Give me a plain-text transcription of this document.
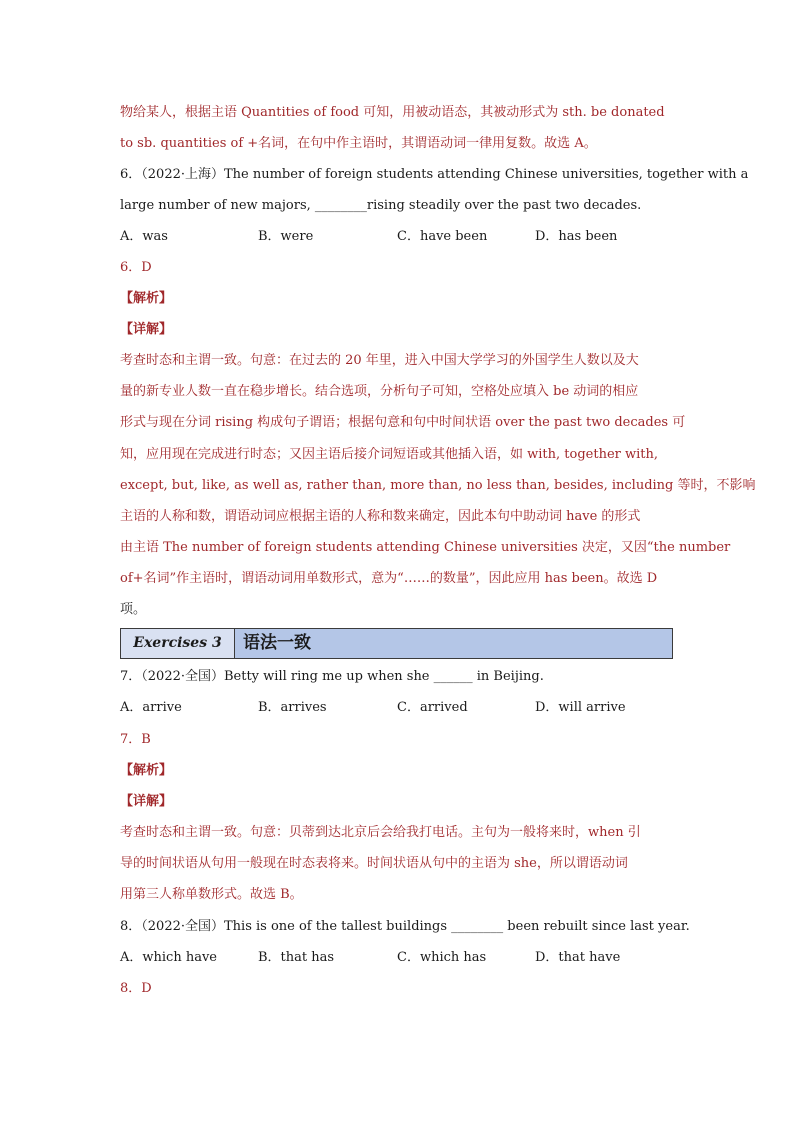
物给某人，根据主语 Quantities of food 可知，用被动语态，其被动形式为 sth. be donated
to sb. quantities of +名词，在句中作主语时，其谓语动词一律用复数。故选 A。
6．（2022·上海）The number of foreign students attending Chinese universities, together with a
large number of new majors, ________rising steadily over the past two decades.
A．was	B．were	C．have been	D．has been
6．D
【解析】
【详解】
考查时态和主谓一致。句意：在过去的 20 年里，进入中国大学学习的外国学生人数以及大
量的新专业人数一直在稳步增长。结合选项，分析句子可知，空格处应填入 be 动词的相应
形式与现在分词 rising 构成句子谓语；根据句意和句中时间状语 over the past two decades 可
知，应用现在完成进行时态；又因主语后接介词短语或其他插入语，如 with, together with,
except, but, like, as well as, rather than, more than, no less than, besides, including 等时，不影响
主语的人称和数，谓语动词应根据主语的人称和数来确定，因此本句中助动词 have 的形式
由主语 The number of foreign students attending Chinese universities 决定，又因“the number
of+名词”作主语时，谓语动词用单数形式，意为“……的数量”，因此应用 has been。故选 D
项。
Exercises 3	语法一致
7．（2022·全国）Betty will ring me up when she ______ in Beijing.
A．arrive	B．arrives	C．arrived	D．will arrive
7．B
【解析】
【详解】
考查时态和主谓一致。句意：贝蒂到达北京后会给我打电话。主句为一般将来时，when 引
导的时间状语从句用一般现在时态表将来。时间状语从句中的主语为 she，所以谓语动词
用第三人称单数形式。故选 B。
8．（2022·全国）This is one of the tallest buildings ________ been rebuilt since last year.
A．which have	B．that has	C．which has	D．that have
8．D
